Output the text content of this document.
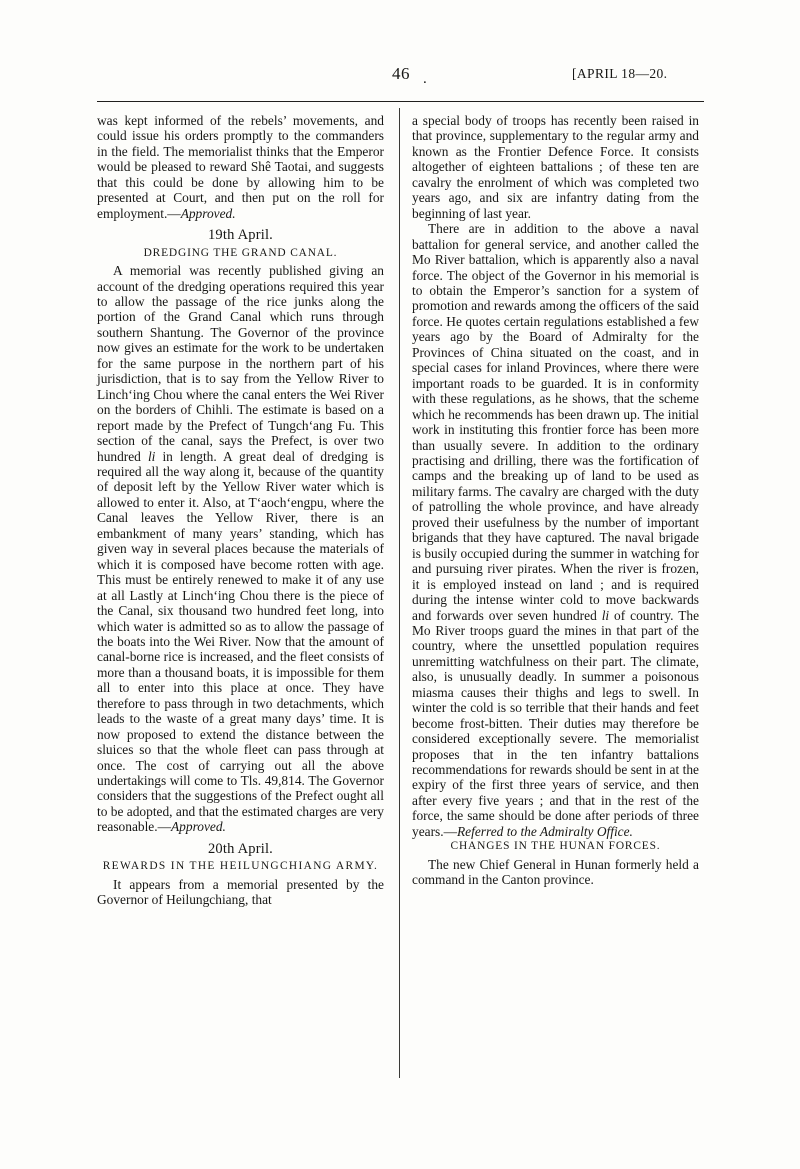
46 .	[APRIL 18—20.

was kept informed of the rebels’ movements, and could issue his orders promptly to the commanders in the field. The memorialist thinks that the Emperor would be pleased to reward Shê Taotai, and suggests that this could be done by allowing him to be presented at Court, and then put on the roll for employment.—Approved.

19th April.

DREDGING THE GRAND CANAL.

A memorial was recently published giving an account of the dredging operations required this year to allow the passage of the rice junks along the portion of the Grand Canal which runs through southern Shantung. The Governor of the province now gives an estimate for the work to be undertaken for the same purpose in the northern part of his jurisdiction, that is to say from the Yellow River to Linch‘ing Chou where the canal enters the Wei River on the borders of Chihli. The estimate is based on a report made by the Prefect of Tungch‘ang Fu. This section of the canal, says the Prefect, is over two hundred li in length. A great deal of dredging is required all the way along it, because of the quantity of deposit left by the Yellow River water which is allowed to enter it. Also, at T‘aoch‘engpu, where the Canal leaves the Yellow River, there is an embankment of many years’ standing, which has given way in several places because the materials of which it is composed have become rotten with age. This must be entirely renewed to make it of any use at all Lastly at Linch‘ing Chou there is the piece of the Canal, six thousand two hundred feet long, into which water is admitted so as to allow the passage of the boats into the Wei River. Now that the amount of canal-borne rice is increased, and the fleet consists of more than a thousand boats, it is impossible for them all to enter into this place at once. They have therefore to pass through in two detachments, which leads to the waste of a great many days’ time. It is now proposed to extend the distance between the sluices so that the whole fleet can pass through at once. The cost of carrying out all the above undertakings will come to Tls. 49,814. The Governor considers that the suggestions of the Prefect ought all to be adopted, and that the estimated charges are very reasonable.—Approved.

20th April.

REWARDS IN THE HEILUNGCHIANG ARMY.

It appears from a memorial presented by the Governor of Heilungchiang, that

a special body of troops has recently been raised in that province, supplementary to the regular army and known as the Frontier Defence Force. It consists altogether of eighteen battalions ; of these ten are cavalry the enrolment of which was completed two years ago, and six are infantry dating from the beginning of last year.

There are in addition to the above a naval battalion for general service, and another called the Mo River battalion, which is apparently also a naval force. The object of the Governor in his memorial is to obtain the Emperor’s sanction for a system of promotion and rewards among the officers of the said force. He quotes certain regulations established a few years ago by the Board of Admiralty for the Provinces of China situated on the coast, and in special cases for inland Provinces, where there were important roads to be guarded. It is in conformity with these regulations, as he shows, that the scheme which he recommends has been drawn up. The initial work in instituting this frontier force has been more than usually severe. In addition to the ordinary practising and drilling, there was the fortification of camps and the breaking up of land to be used as military farms. The cavalry are charged with the duty of patrolling the whole province, and have already proved their usefulness by the number of important brigands that they have captured. The naval brigade is busily occupied during the summer in watching for and pursuing river pirates. When the river is frozen, it is employed instead on land ; and is required during the intense winter cold to move backwards and forwards over seven hundred li of country. The Mo River troops guard the mines in that part of the country, where the unsettled population requires unremitting watchfulness on their part. The climate, also, is unusually deadly. In summer a poisonous miasma causes their thighs and legs to swell. In winter the cold is so terrible that their hands and feet become frost-bitten. Their duties may therefore be considered exceptionally severe. The memorialist proposes that in the ten infantry battalions recommendations for rewards should be sent in at the expiry of the first three years of service, and then after every five years ; and that in the rest of the force, the same should be done after periods of three years.—Referred to the Admiralty Office.

CHANGES IN THE HUNAN FORCES.

The new Chief General in Hunan formerly held a command in the Canton province.
